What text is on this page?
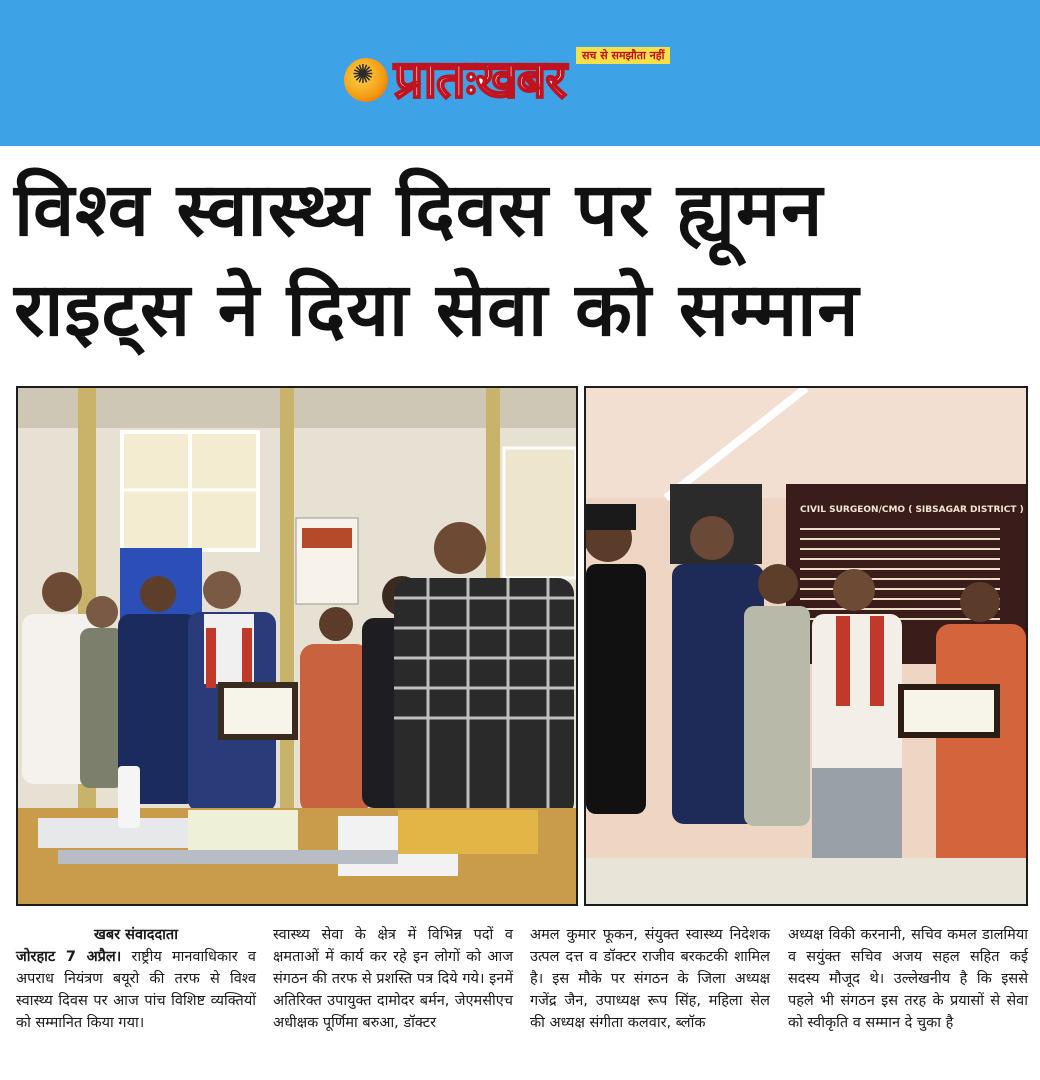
✺ प्रातःखबर	सच से समझौता नहीं
विश्व स्वास्थ्य दिवस पर ह्यूमन
राइट्स ने दिया सेवा को सम्मान
CIVIL SURGEON/CMO ( SIBSAGAR DISTRICT )
खबर संवाददाता

जोरहाट 7 अप्रैल। राष्ट्रीय मानवाधिकार व अपराध नियंत्रण बयूरो की तरफ से विश्व स्वास्थ्य दिवस पर आज पांच विशिष्ट व्यक्तियों को सम्मानित किया गया।

स्वास्थ्य सेवा के क्षेत्र में विभिन्न पदों व क्षमताओं में कार्य कर रहे इन लोगों को आज संगठन की तरफ से प्रशस्ति पत्र दिये गये। इनमें अतिरिक्त उपायुक्त दामोदर बर्मन, जेएमसीएच अधीक्षक पूर्णिमा बरुआ, डॉक्टर

अमल कुमार फूकन, संयुक्त स्वास्थ्य निदेशक उत्पल दत्त व डॉक्टर राजीव बरकटकी शामिल है। इस मौके पर संगठन के जिला अध्यक्ष गजेंद्र जैन, उपाध्यक्ष रूप सिंह, महिला सेल की अध्यक्ष संगीता कलवार, ब्लॉक

अध्यक्ष विकी करनानी, सचिव कमल डालमिया व सयुंक्त सचिव अजय सहल सहित कई सदस्य मौजूद थे। उल्लेखनीय है कि इससे पहले भी संगठन इस तरह के प्रयासों से सेवा को स्वीकृति व सम्मान दे चुका है
